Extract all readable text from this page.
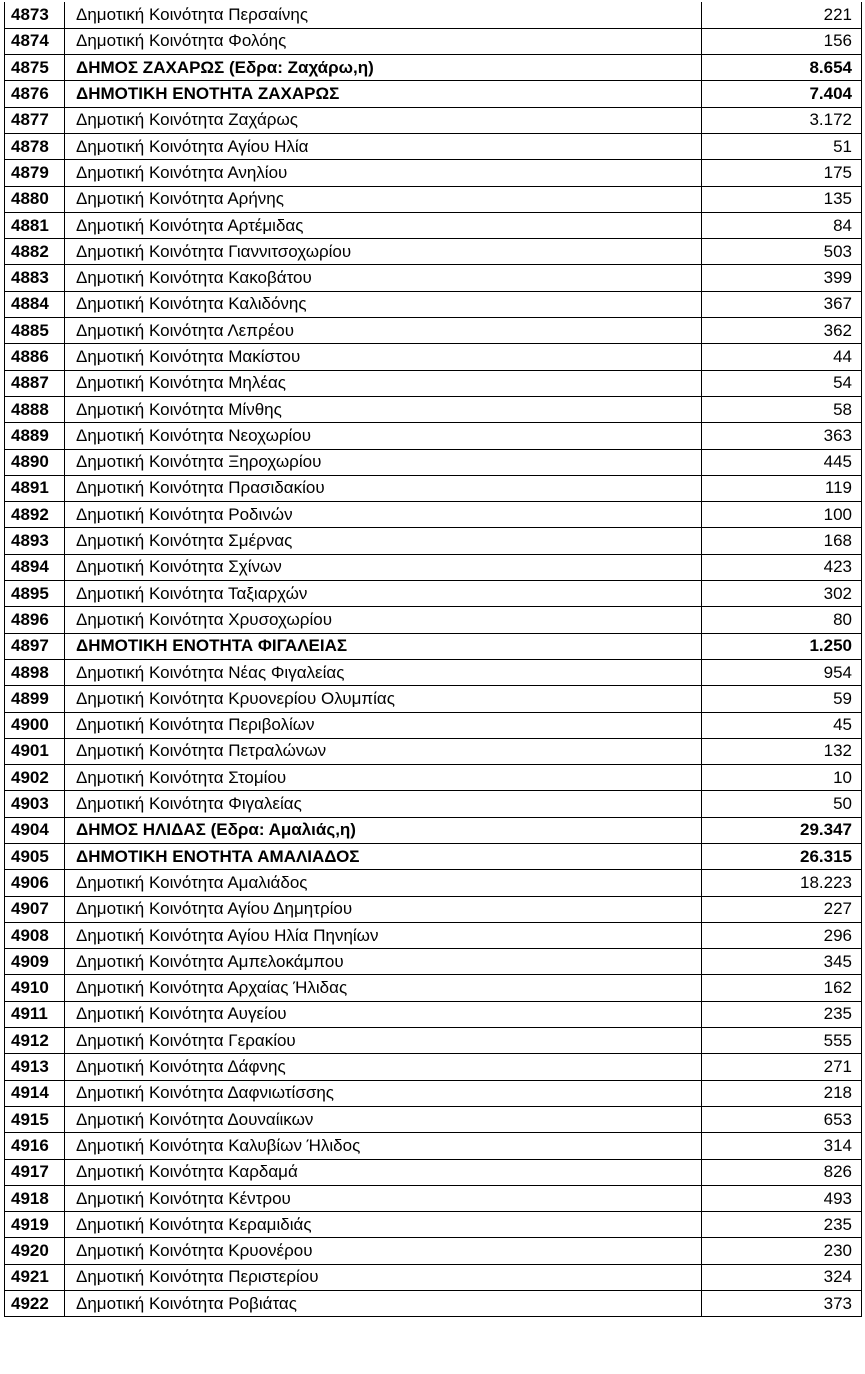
4873	Δημοτική Κοινότητα Περσαίνης	221
4874	Δημοτική Κοινότητα Φολόης	156
4875	ΔΗΜΟΣ ΖΑΧΑΡΩΣ (Εδρα: Ζαχάρω,η)	8.654
4876	ΔΗΜΟΤΙΚΗ ΕΝΟΤΗΤΑ ΖΑΧΑΡΩΣ	7.404
4877	Δημοτική Κοινότητα Ζαχάρως	3.172
4878	Δημοτική Κοινότητα Αγίου Ηλία	51
4879	Δημοτική Κοινότητα Ανηλίου	175
4880	Δημοτική Κοινότητα Αρήνης	135
4881	Δημοτική Κοινότητα Αρτέμιδας	84
4882	Δημοτική Κοινότητα Γιαννιτσοχωρίου	503
4883	Δημοτική Κοινότητα Κακοβάτου	399
4884	Δημοτική Κοινότητα Καλιδόνης	367
4885	Δημοτική Κοινότητα Λεπρέου	362
4886	Δημοτική Κοινότητα Μακίστου	44
4887	Δημοτική Κοινότητα Μηλέας	54
4888	Δημοτική Κοινότητα Μίνθης	58
4889	Δημοτική Κοινότητα Νεοχωρίου	363
4890	Δημοτική Κοινότητα Ξηροχωρίου	445
4891	Δημοτική Κοινότητα Πρασιδακίου	119
4892	Δημοτική Κοινότητα Ροδινών	100
4893	Δημοτική Κοινότητα Σμέρνας	168
4894	Δημοτική Κοινότητα Σχίνων	423
4895	Δημοτική Κοινότητα Ταξιαρχών	302
4896	Δημοτική Κοινότητα Χρυσοχωρίου	80
4897	ΔΗΜΟΤΙΚΗ ΕΝΟΤΗΤΑ ΦΙΓΑΛΕΙΑΣ	1.250
4898	Δημοτική Κοινότητα Νέας Φιγαλείας	954
4899	Δημοτική Κοινότητα Κρυονερίου Ολυμπίας	59
4900	Δημοτική Κοινότητα Περιβολίων	45
4901	Δημοτική Κοινότητα Πετραλώνων	132
4902	Δημοτική Κοινότητα Στομίου	10
4903	Δημοτική Κοινότητα Φιγαλείας	50
4904	ΔΗΜΟΣ ΗΛΙΔΑΣ (Εδρα: Αμαλιάς,η)	29.347
4905	ΔΗΜΟΤΙΚΗ ΕΝΟΤΗΤΑ ΑΜΑΛΙΑΔΟΣ	26.315
4906	Δημοτική Κοινότητα Αμαλιάδος	18.223
4907	Δημοτική Κοινότητα Αγίου Δημητρίου	227
4908	Δημοτική Κοινότητα Αγίου Ηλία Πηνηίων	296
4909	Δημοτική Κοινότητα Αμπελοκάμπου	345
4910	Δημοτική Κοινότητα Αρχαίας Ήλιδας	162
4911	Δημοτική Κοινότητα Αυγείου	235
4912	Δημοτική Κοινότητα Γερακίου	555
4913	Δημοτική Κοινότητα Δάφνης	271
4914	Δημοτική Κοινότητα Δαφνιωτίσσης	218
4915	Δημοτική Κοινότητα Δουναίικων	653
4916	Δημοτική Κοινότητα Καλυβίων Ήλιδος	314
4917	Δημοτική Κοινότητα Καρδαμά	826
4918	Δημοτική Κοινότητα Κέντρου	493
4919	Δημοτική Κοινότητα Κεραμιδιάς	235
4920	Δημοτική Κοινότητα Κρυονέρου	230
4921	Δημοτική Κοινότητα Περιστερίου	324
4922	Δημοτική Κοινότητα Ροβιάτας	373
